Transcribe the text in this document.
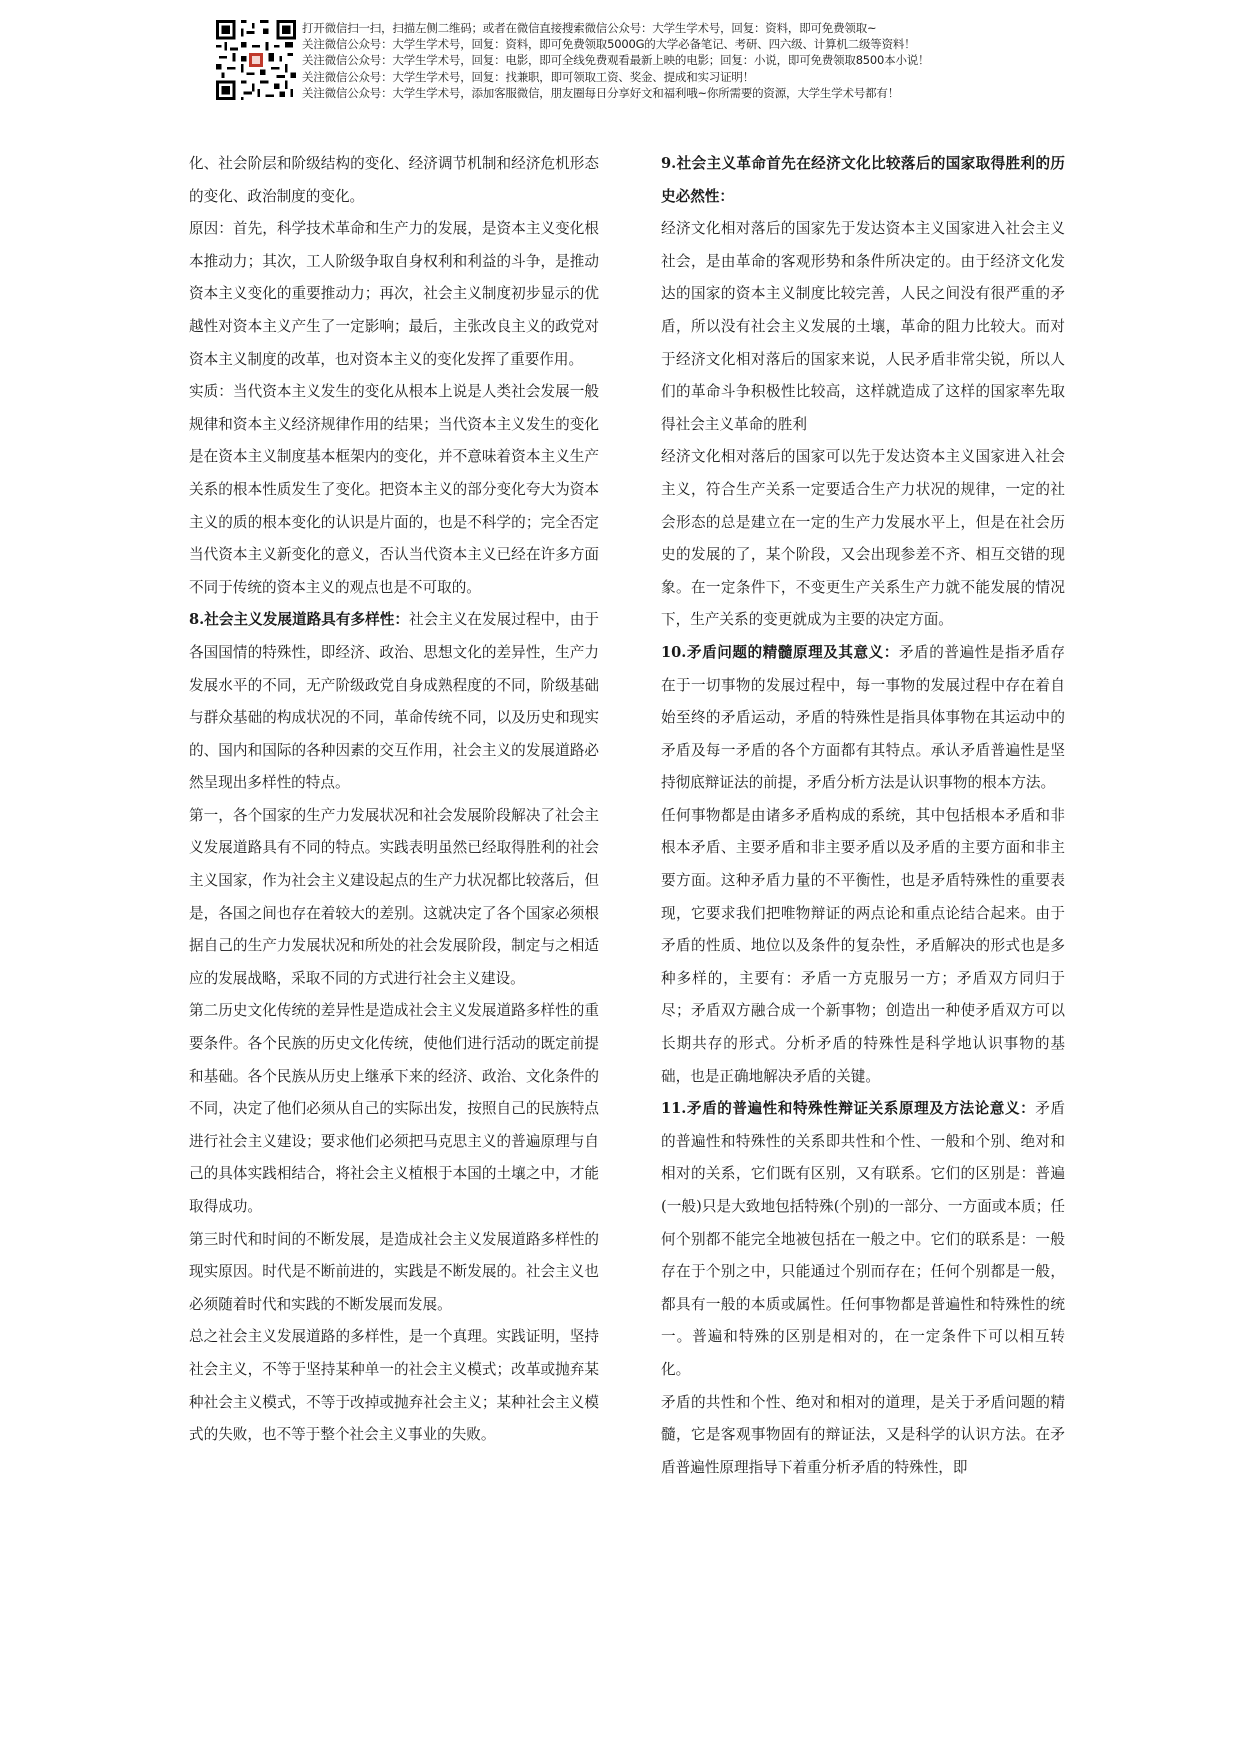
打开微信扫一扫，扫描左侧二维码；或者在微信直接搜索微信公众号：大学生学术号，回复：资料，即可免费领取~
关注微信公众号：大学生学术号，回复：资料，即可免费领取5000G的大学必备笔记、考研、四六级、计算机二级等资料！
关注微信公众号：大学生学术号，回复：电影，即可全线免费观看最新上映的电影；回复：小说，即可免费领取8500本小说！
关注微信公众号：大学生学术号，回复：找兼职，即可领取工资、奖金、提成和实习证明！
关注微信公众号：大学生学术号，添加客服微信，朋友圈每日分享好文和福利哦~你所需要的资源，大学生学术号都有！

化、社会阶层和阶级结构的变化、经济调节机制和经济危机形态的变化、政治制度的变化。

原因：首先，科学技术革命和生产力的发展，是资本主义变化根本推动力；其次，工人阶级争取自身权利和利益的斗争，是推动资本主义变化的重要推动力；再次，社会主义制度初步显示的优越性对资本主义产生了一定影响；最后，主张改良主义的政党对资本主义制度的改革，也对资本主义的变化发挥了重要作用。

实质：当代资本主义发生的变化从根本上说是人类社会发展一般规律和资本主义经济规律作用的结果；当代资本主义发生的变化是在资本主义制度基本框架内的变化，并不意味着资本主义生产关系的根本性质发生了变化。把资本主义的部分变化夸大为资本主义的质的根本变化的认识是片面的，也是不科学的；完全否定当代资本主义新变化的意义，否认当代资本主义已经在许多方面不同于传统的资本主义的观点也是不可取的。

8.社会主义发展道路具有多样性：社会主义在发展过程中，由于各国国情的特殊性，即经济、政治、思想文化的差异性，生产力发展水平的不同，无产阶级政党自身成熟程度的不同，阶级基础与群众基础的构成状况的不同，革命传统不同，以及历史和现实的、国内和国际的各种因素的交互作用，社会主义的发展道路必然呈现出多样性的特点。

第一，各个国家的生产力发展状况和社会发展阶段解决了社会主义发展道路具有不同的特点。实践表明虽然已经取得胜利的社会主义国家，作为社会主义建设起点的生产力状况都比较落后，但是，各国之间也存在着较大的差别。这就决定了各个国家必须根据自己的生产力发展状况和所处的社会发展阶段，制定与之相适应的发展战略，采取不同的方式进行社会主义建设。

第二历史文化传统的差异性是造成社会主义发展道路多样性的重要条件。各个民族的历史文化传统，使他们进行活动的既定前提和基础。各个民族从历史上继承下来的经济、政治、文化条件的不同，决定了他们必须从自己的实际出发，按照自己的民族特点进行社会主义建设；要求他们必须把马克思主义的普遍原理与自己的具体实践相结合，将社会主义植根于本国的土壤之中，才能取得成功。

第三时代和时间的不断发展，是造成社会主义发展道路多样性的现实原因。时代是不断前进的，实践是不断发展的。社会主义也必须随着时代和实践的不断发展而发展。

总之社会主义发展道路的多样性，是一个真理。实践证明，坚持社会主义，不等于坚持某种单一的社会主义模式；改革或抛弃某种社会主义模式，不等于改掉或抛弃社会主义；某种社会主义模式的失败，也不等于整个社会主义事业的失败。

9.社会主义革命首先在经济文化比较落后的国家取得胜利的历史必然性：

经济文化相对落后的国家先于发达资本主义国家进入社会主义社会，是由革命的客观形势和条件所决定的。由于经济文化发达的国家的资本主义制度比较完善，人民之间没有很严重的矛盾，所以没有社会主义发展的土壤，革命的阻力比较大。而对于经济文化相对落后的国家来说，人民矛盾非常尖锐，所以人们的革命斗争积极性比较高，这样就造成了这样的国家率先取得社会主义革命的胜利

经济文化相对落后的国家可以先于发达资本主义国家进入社会主义，符合生产关系一定要适合生产力状况的规律，一定的社会形态的总是建立在一定的生产力发展水平上，但是在社会历史的发展的了，某个阶段，又会出现参差不齐、相互交错的现象。在一定条件下，不变更生产关系生产力就不能发展的情况下，生产关系的变更就成为主要的决定方面。

10.矛盾问题的精髓原理及其意义：矛盾的普遍性是指矛盾存在于一切事物的发展过程中，每一事物的发展过程中存在着自始至终的矛盾运动，矛盾的特殊性是指具体事物在其运动中的矛盾及每一矛盾的各个方面都有其特点。承认矛盾普遍性是坚持彻底辩证法的前提，矛盾分析方法是认识事物的根本方法。

任何事物都是由诸多矛盾构成的系统，其中包括根本矛盾和非根本矛盾、主要矛盾和非主要矛盾以及矛盾的主要方面和非主要方面。这种矛盾力量的不平衡性，也是矛盾特殊性的重要表现，它要求我们把唯物辩证的两点论和重点论结合起来。由于矛盾的性质、地位以及条件的复杂性，矛盾解决的形式也是多种多样的，主要有：矛盾一方克服另一方；矛盾双方同归于尽；矛盾双方融合成一个新事物；创造出一种使矛盾双方可以长期共存的形式。分析矛盾的特殊性是科学地认识事物的基础，也是正确地解决矛盾的关键。

11.矛盾的普遍性和特殊性辩证关系原理及方法论意义：矛盾的普遍性和特殊性的关系即共性和个性、一般和个别、绝对和相对的关系，它们既有区别，又有联系。它们的区别是：普遍(一般)只是大致地包括特殊(个别)的一部分、一方面或本质；任何个别都不能完全地被包括在一般之中。它们的联系是：一般存在于个别之中，只能通过个别而存在；任何个别都是一般，都具有一般的本质或属性。任何事物都是普遍性和特殊性的统一。普遍和特殊的区别是相对的，在一定条件下可以相互转化。

矛盾的共性和个性、绝对和相对的道理，是关于矛盾问题的精髓，它是客观事物固有的辩证法，又是科学的认识方法。在矛盾普遍性原理指导下着重分析矛盾的特殊性，即
